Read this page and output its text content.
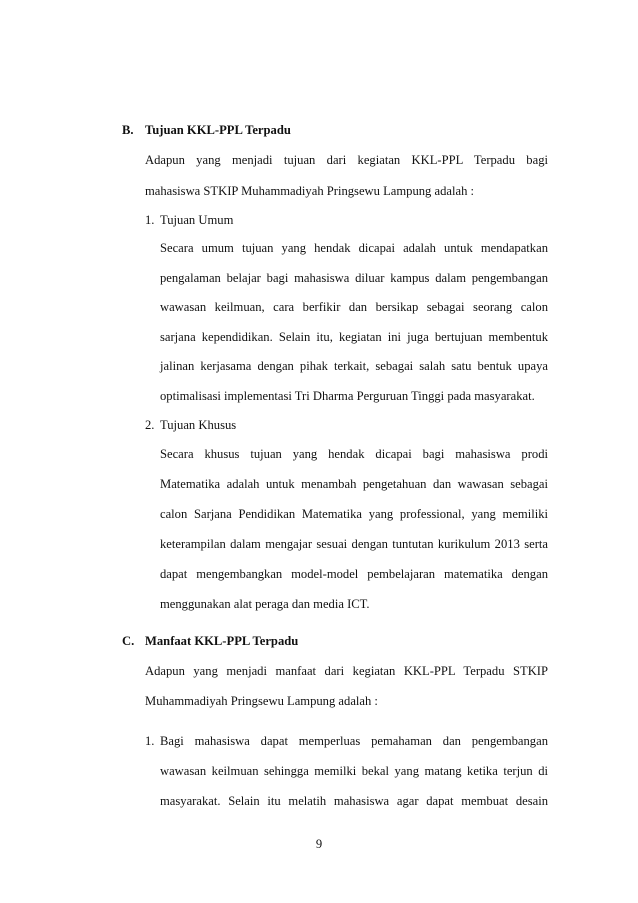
B. Tujuan KKL-PPL Terpadu
Adapun yang menjadi tujuan dari kegiatan KKL-PPL Terpadu bagi
mahasiswa STKIP Muhammadiyah Pringsewu Lampung adalah :
1. Tujuan Umum
Secara umum tujuan yang hendak dicapai adalah untuk mendapatkan
pengalaman belajar bagi mahasiswa diluar kampus dalam pengembangan
wawasan keilmuan, cara berfikir dan bersikap sebagai seorang calon
sarjana kependidikan. Selain itu, kegiatan ini juga bertujuan membentuk
jalinan kerjasama dengan pihak terkait, sebagai salah satu bentuk upaya
optimalisasi implementasi Tri Dharma Perguruan Tinggi pada masyarakat.
2. Tujuan Khusus
Secara khusus tujuan yang hendak dicapai bagi mahasiswa prodi
Matematika adalah untuk menambah pengetahuan dan wawasan sebagai
calon Sarjana Pendidikan Matematika yang professional, yang memiliki
keterampilan dalam mengajar sesuai dengan tuntutan kurikulum 2013 serta
dapat mengembangkan model-model pembelajaran matematika dengan
menggunakan alat peraga dan media ICT.
C. Manfaat KKL-PPL Terpadu
Adapun yang menjadi manfaat dari kegiatan KKL-PPL Terpadu STKIP
Muhammadiyah Pringsewu Lampung adalah :
1. Bagi mahasiswa dapat memperluas pemahaman dan pengembangan
wawasan keilmuan sehingga memilki bekal yang matang ketika terjun di
masyarakat. Selain itu melatih mahasiswa agar dapat membuat desain
9
